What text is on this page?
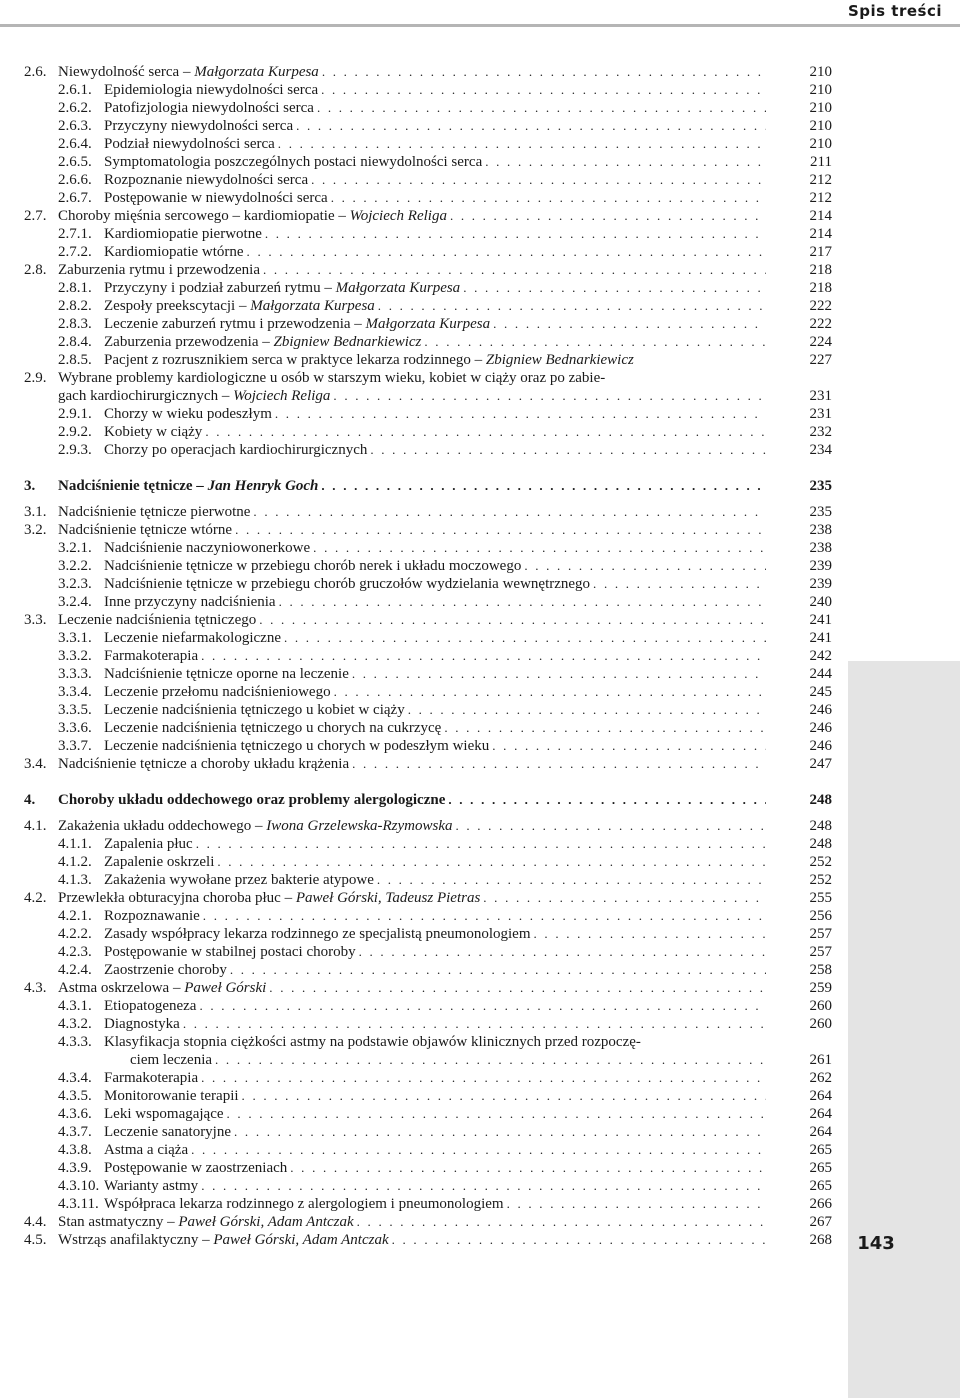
Spis treści
143
2.6. Niewydolność serca – Małgorzata Kurpesa . . .	210
2.6.1. Epidemiologia niewydolności serca . . .	210
2.6.2. Patofizjologia niewydolności serca . . .	210
2.6.3. Przyczyny niewydolności serca . . .	210
2.6.4. Podział niewydolności serca . . .	210
2.6.5. Symptomatologia poszczególnych postaci niewydolności serca . . .	211
2.6.6. Rozpoznanie niewydolności serca . . .	212
2.6.7. Postępowanie w niewydolności serca . . .	212
2.7. Choroby mięśnia sercowego – kardiomiopatie – Wojciech Religa . . .	214
2.7.1. Kardiomiopatie pierwotne . . .	214
2.7.2. Kardiomiopatie wtórne . . .	217
2.8. Zaburzenia rytmu i przewodzenia . . .	218
2.8.1. Przyczyny i podział zaburzeń rytmu – Małgorzata Kurpesa . . .	218
2.8.2. Zespoły preekscytacji – Małgorzata Kurpesa . . .	222
2.8.3. Leczenie zaburzeń rytmu i przewodzenia – Małgorzata Kurpesa . . .	222
2.8.4. Zaburzenia przewodzenia – Zbigniew Bednarkiewicz . . .	224
2.8.5. Pacjent z rozrusznikiem serca w praktyce lekarza rodzinnego – Zbigniew Bednarkiewicz	227
2.9. Wybrane problemy kardiologiczne u osób w starszym wieku, kobiet w ciąży oraz po zabie-
gach kardiochirurgicznych – Wojciech Religa . . .	231
2.9.1. Chorzy w wieku podeszłym . . .	231
2.9.2. Kobiety w ciąży . . .	232
2.9.3. Chorzy po operacjach kardiochirurgicznych . . .	234
3. Nadciśnienie tętnicze – Jan Henryk Goch . . .	235
3.1. Nadciśnienie tętnicze pierwotne . . .	235
3.2. Nadciśnienie tętnicze wtórne . . .	238
3.2.1. Nadciśnienie naczyniowonerkowe . . .	238
3.2.2. Nadciśnienie tętnicze w przebiegu chorób nerek i układu moczowego . . .	239
3.2.3. Nadciśnienie tętnicze w przebiegu chorób gruczołów wydzielania wewnętrznego . . .	239
3.2.4. Inne przyczyny nadciśnienia . . .	240
3.3. Leczenie nadciśnienia tętniczego . . .	241
3.3.1. Leczenie niefarmakologiczne . . .	241
3.3.2. Farmakoterapia . . .	242
3.3.3. Nadciśnienie tętnicze oporne na leczenie . . .	244
3.3.4. Leczenie przełomu nadciśnieniowego . . .	245
3.3.5. Leczenie nadciśnienia tętniczego u kobiet w ciąży . . .	246
3.3.6. Leczenie nadciśnienia tętniczego u chorych na cukrzycę . . .	246
3.3.7. Leczenie nadciśnienia tętniczego u chorych w podeszłym wieku . . .	246
3.4. Nadciśnienie tętnicze a choroby układu krążenia . . .	247
4. Choroby układu oddechowego oraz problemy alergologiczne . . .	248
4.1. Zakażenia układu oddechowego – Iwona Grzelewska-Rzymowska . . .	248
4.1.1. Zapalenia płuc . . .	248
4.1.2. Zapalenie oskrzeli . . .	252
4.1.3. Zakażenia wywołane przez bakterie atypowe . . .	252
4.2. Przewlekła obturacyjna choroba płuc – Paweł Górski, Tadeusz Pietras . . .	255
4.2.1. Rozpoznawanie . . .	256
4.2.2. Zasady współpracy lekarza rodzinnego ze specjalistą pneumonologiem . . .	257
4.2.3. Postępowanie w stabilnej postaci choroby . . .	257
4.2.4. Zaostrzenie choroby . . .	258
4.3. Astma oskrzelowa – Paweł Górski . . .	259
4.3.1. Etiopatogeneza . . .	260
4.3.2. Diagnostyka . . .	260
4.3.3. Klasyfikacja stopnia ciężkości astmy na podstawie objawów klinicznych przed rozpoczę-
ciem leczenia . . .	261
4.3.4. Farmakoterapia . . .	262
4.3.5. Monitorowanie terapii . . .	264
4.3.6. Leki wspomagające . . .	264
4.3.7. Leczenie sanatoryjne . . .	264
4.3.8. Astma a ciąża . . .	265
4.3.9. Postępowanie w zaostrzeniach . . .	265
4.3.10. Warianty astmy . . .	265
4.3.11. Współpraca lekarza rodzinnego z alergologiem i pneumonologiem . . .	266
4.4. Stan astmatyczny – Paweł Górski, Adam Antczak . . .	267
4.5. Wstrząs anafilaktyczny – Paweł Górski, Adam Antczak . . .	268
